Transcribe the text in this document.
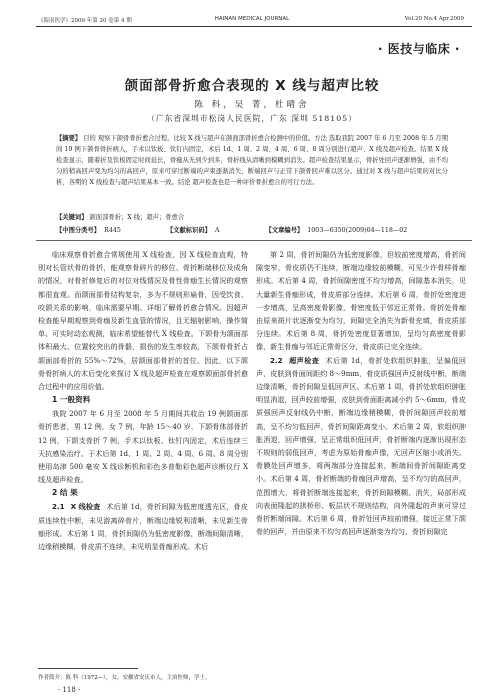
《海南医学》2009 年第 20 卷第 4 期	HAINAN MEDICAL JOURNAL	Vol.20 No.4 Apr.2009
· 医技与临床 ·
颌面部骨折愈合表现的 X 线与超声比较
陈 科，吴 菁，杜晴舍
（广东省深圳市松岗人民医院，广东 深圳 518105）
【摘要】 目的 观察下颌骨骨折愈合过程，比较 X 线与超声在颌面部骨折愈合检测中的价值。方法 选取我院 2007 年 6 月至 2008 年 5 月期间 19 例下颌骨骨折病人，手术以钛板、钛钉内固定，术后 1d、1 周、2 周、4 周、6 周、8 周分别进行超声、X 线及超声检查。结果 X 线检查显示，随着折及钛板固定时间延长，骨痂从无到少到多，骨折线从清晰到模糊到消失。超声检查结果显示，骨折处回声逐渐增强，由不均匀的稍高回声变为均匀的高回声，原来可穿过断端的声束逐渐消失，断端回声与正常下颌骨回声难以区分。通过对 X 线与超声结果的对比分析，各期的 X 线检查与超声结果基本一致。结论 超声检查也是一种评价骨折愈合的可行方法。
【关键词】 颌面部骨折；X 线；超声；骨愈合
【中图分类号】 R445	【文献标识码】 A	【文章编号】 1003—6350(2009)04—118—02

临床观察骨折愈合常规使用 X 线检查，因 X 线检查直观，特别对长管状骨的骨折，能观察骨碎片的移位、骨折断端移位及成角的情况，对骨折修复后的对位对线情况及骨性骨痂生长情况的观察都很直观。而颌面部骨结构复杂，多为不规则形扁骨，因受饮食、咬颌关系的影响，临床需要早期、详细了解骨折愈合情况。因超声检查能早期观察到骨痂及新生血管的情况，且无辐射影响，操作简单、可实时动态观测，临床希望能替代 X 线检查。下颌骨为颌面部体积最大、位置较突出的骨骼，损伤的发生率较高，下颌骨骨折占颌面部骨折的 55%～72%，居颌面部骨折的首位。因此，以下颌骨骨折病人的术后变化来探讨 X 线及超声检查在观察颌面部骨折愈合过程中的应用价值。

1 一般资料

我院 2007 年 6 月至 2008 年 5 月期间共收治 19 例颌面部骨折患者，男 12 例，女 7 例，年龄 15～40 岁，下颌骨体部骨折 12 例，下颌支骨折 7 例，手术以钛板、钛钉内固定，术后连续三天抗感染治疗。于术后第 1d、1 周、2 周、4 周、6 周、8 周分别使用岛津 500 毫安 X 线诊断机和彩色多普勒彩色超声诊断仪行 X 线及超声检查。

2 结 果

2.1 X 线检查 术后第 1d，骨折间隙为低密度透光区，骨皮质连续性中断，未见游离碎骨片，断端边缘锐利清晰，未见新生骨痂形成。术后第 1 周，骨折间隙仍为低密度影像，断端间隙清晰，边缘稍模糊，骨皮质不连续，未见明显骨痂形成。术后

第 2 周，骨折间隙仍为低密度影像，但较前密度增高，骨折间隙变窄，骨皮质仍不连续，断端边缘较前模糊，可见少许骨样骨痂形成。术后第 4 周，骨折间隙密度不均匀增高，间隙基本消失，见大量新生骨痂形成，骨皮质部分连续。术后第 6 周，骨折处密度进一步增高，呈高密度骨影像，骨密度低于邻近正常骨。骨折处骨痂由原来斑片状逐渐变为均匀，间隙完全消失为新骨充填，骨皮质部分连续。术后第 8 周，骨折处密度显著增加，呈均匀高密度骨影像，新生骨痂与邻近正常骨区分，骨皮质已完全连续。

2.2 超声检查 术后第 1d，骨折处软组织肿胀，呈偏低回声，皮肤到骨面间距约 8～9mm，骨皮质强回声反射线中断，断端边缘清晰，骨折间隙呈低回声区。术后第 1 周，骨折处软组织肿胀明显消退，回声较前增强，皮肤到骨面距离减小约 5～6mm，骨皮质强回声反射线仍中断，断端边缘稍模糊，骨折间隙回声较前增高，呈不均匀低回声，骨折间隙距离变小。术后第 2 周，软组织肿胀消退，回声增强，呈正常组织低回声，骨折断端内逐渐出现形态不规则的弱低回声，考虑为原始骨痂声像，无回声区缩小或消失。骨膜处回声增多，将两端部分连接起来，断端间骨折间隙距离变小。术后第 4 周，骨折断端的骨痂回声增高，呈不均匀的高回声，范围增大，将骨折断端连接起来，骨折间隙模糊、消失，局部形成向表面隆起的拱桥形、板层状不规则结构，向外隆起的声束可穿过骨折断端间隙。术后第 6 周，骨折处回声较前增强，接近正常下颌骨的回声，并由原来不均匀高回声逐渐变为均匀，骨折间隙完

作者简介：陈 科（1972—），女，安徽省安庆市人，主治医师，学士。
· 118 ·
